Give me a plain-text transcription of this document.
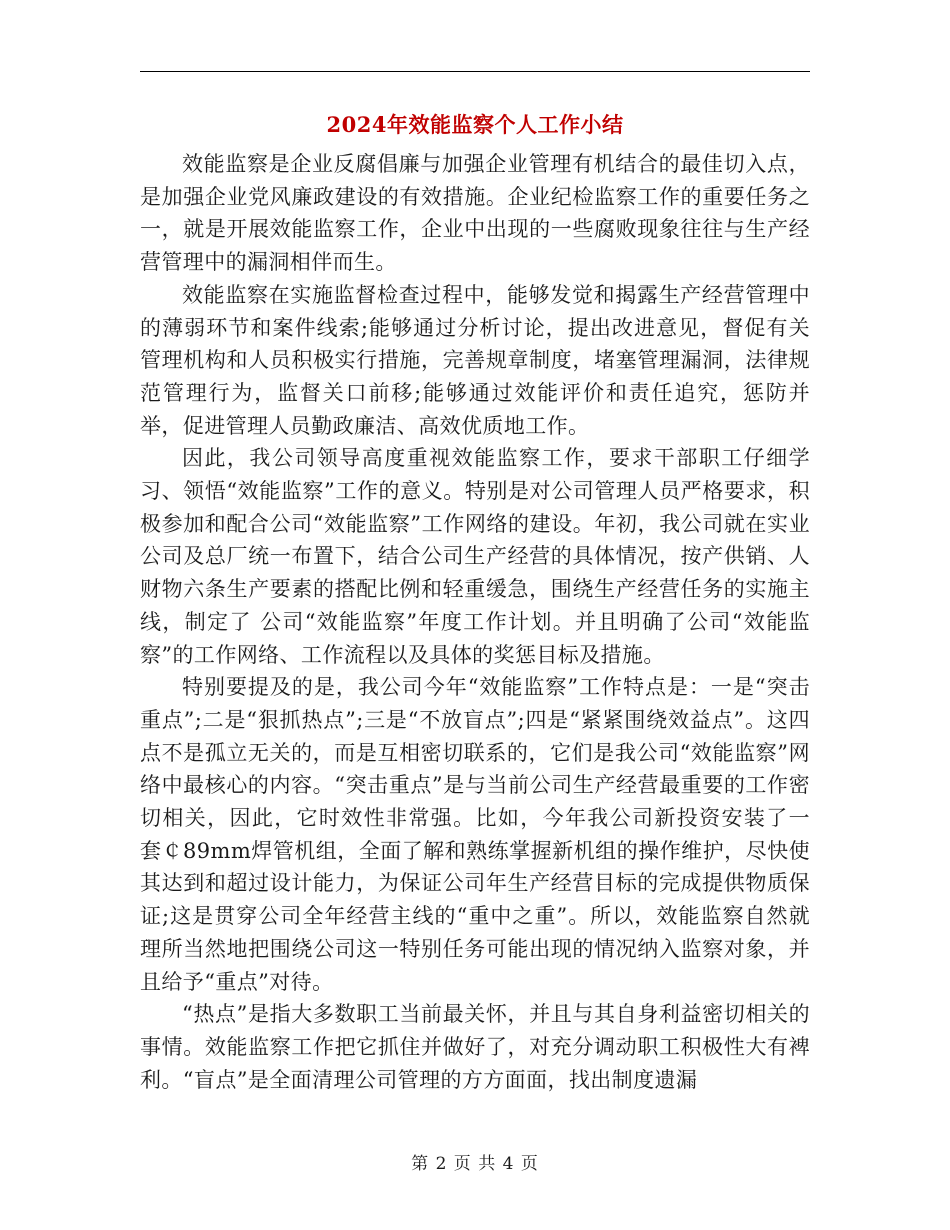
2024年效能监察个人工作小结

效能监察是企业反腐倡廉与加强企业管理有机结合的最佳切入点，是加强企业党风廉政建设的有效措施。企业纪检监察工作的重要任务之一，就是开展效能监察工作，企业中出现的一些腐败现象往往与生产经营管理中的漏洞相伴而生。

效能监察在实施监督检查过程中，能够发觉和揭露生产经营管理中的薄弱环节和案件线索;能够通过分析讨论，提出改进意见，督促有关管理机构和人员积极实行措施，完善规章制度，堵塞管理漏洞，法律规范管理行为，监督关口前移;能够通过效能评价和责任追究，惩防并举，促进管理人员勤政廉洁、高效优质地工作。

因此，我公司领导高度重视效能监察工作，要求干部职工仔细学习、领悟“效能监察”工作的意义。特别是对公司管理人员严格要求，积极参加和配合公司“效能监察”工作网络的建设。年初，我公司就在实业公司及总厂统一布置下，结合公司生产经营的具体情况，按产供销、人财物六条生产要素的搭配比例和轻重缓急，围绕生产经营任务的实施主线，制定了 公司“效能监察”年度工作计划。并且明确了公司“效能监察”的工作网络、工作流程以及具体的奖惩目标及措施。

特别要提及的是，我公司今年“效能监察”工作特点是：一是“突击重点”;二是“狠抓热点”;三是“不放盲点”;四是“紧紧围绕效益点”。这四点不是孤立无关的，而是互相密切联系的，它们是我公司“效能监察”网络中最核心的内容。“突击重点”是与当前公司生产经营最重要的工作密切相关，因此，它时效性非常强。比如，今年我公司新投资安装了一套￠89mm焊管机组，全面了解和熟练掌握新机组的操作维护，尽快使其达到和超过设计能力，为保证公司年生产经营目标的完成提供物质保证;这是贯穿公司全年经营主线的“重中之重”。所以，效能监察自然就理所当然地把围绕公司这一特别任务可能出现的情况纳入监察对象，并且给予“重点”对待。

“热点”是指大多数职工当前最关怀，并且与其自身利益密切相关的事情。效能监察工作把它抓住并做好了，对充分调动职工积极性大有裨利。“盲点”是全面清理公司管理的方方面面，找出制度遗漏

第 2 页 共 4 页
